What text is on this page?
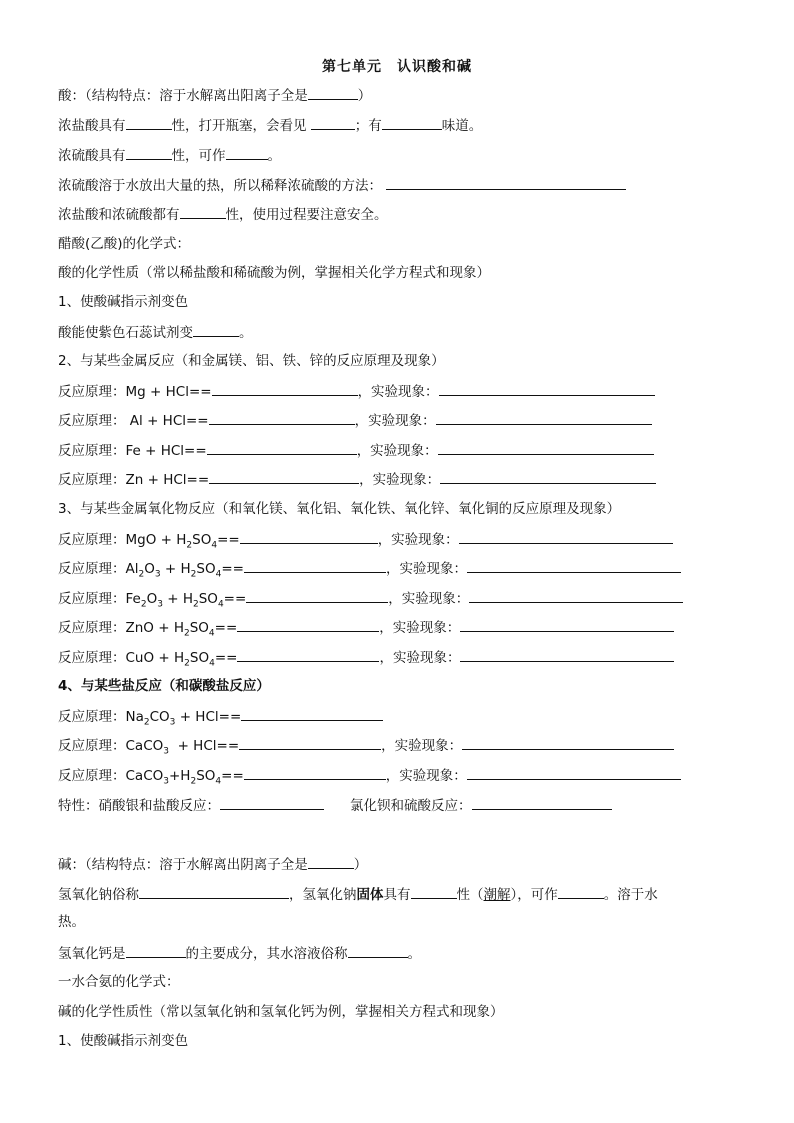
第七单元　认识酸和碱
酸：（结构特点：溶于水解离出阳离子全是	）
浓盐酸具有	性，打开瓶塞，会看见	；有	味道。
浓硫酸具有	性，可作	。
浓硫酸溶于水放出大量的热，所以稀释浓硫酸的方法：
浓盐酸和浓硫酸都有	性，使用过程要注意安全。
醋酸(乙酸)的化学式：
酸的化学性质（常以稀盐酸和稀硫酸为例，掌握相关化学方程式和现象）
1、使酸碱指示剂变色
酸能使紫色石蕊试剂变	。
2、与某些金属反应（和金属镁、铝、铁、锌的反应原理及现象）
反应原理：Mg + HCl==	，实验现象：
反应原理： Al + HCl==	，实验现象：
反应原理：Fe + HCl==	，实验现象：
反应原理：Zn + HCl==	，实验现象：
3、与某些金属氧化物反应（和氧化镁、氧化铝、氧化铁、氧化锌、氧化铜的反应原理及现象）
反应原理：MgO + $H_2SO_4==$	，实验现象：
反应原理：$Al_2O_3 + H_2SO_4==$	，实验现象：
反应原理：$Fe_2O_3 + H_2SO_4==$	，实验现象：
反应原理：ZnO + $H_2SO_4==$	，实验现象：
反应原理：CuO + $H_2SO_4==$	，实验现象：
4、与某些盐反应（和碳酸盐反应）
反应原理：$Na_2CO_3 + HCl==$
反应原理：CaCO$_3$  + HCl==	，实验现象：
反应原理：$CaCO_3+H_2SO_4==$	，实验现象：
特性：硝酸银和盐酸反应：	氯化钡和硫酸反应：
碱：（结构特点：溶于水解离出阴离子全是	）
氢氧化钠俗称	，氢氧化钠固体具有	性（潮解），可作	。溶于水
热。
氢氧化钙是	的主要成分，其水溶液俗称	。
一水合氨的化学式：
碱的化学性质性（常以氢氧化钠和氢氧化钙为例，掌握相关方程式和现象）
1、使酸碱指示剂变色
